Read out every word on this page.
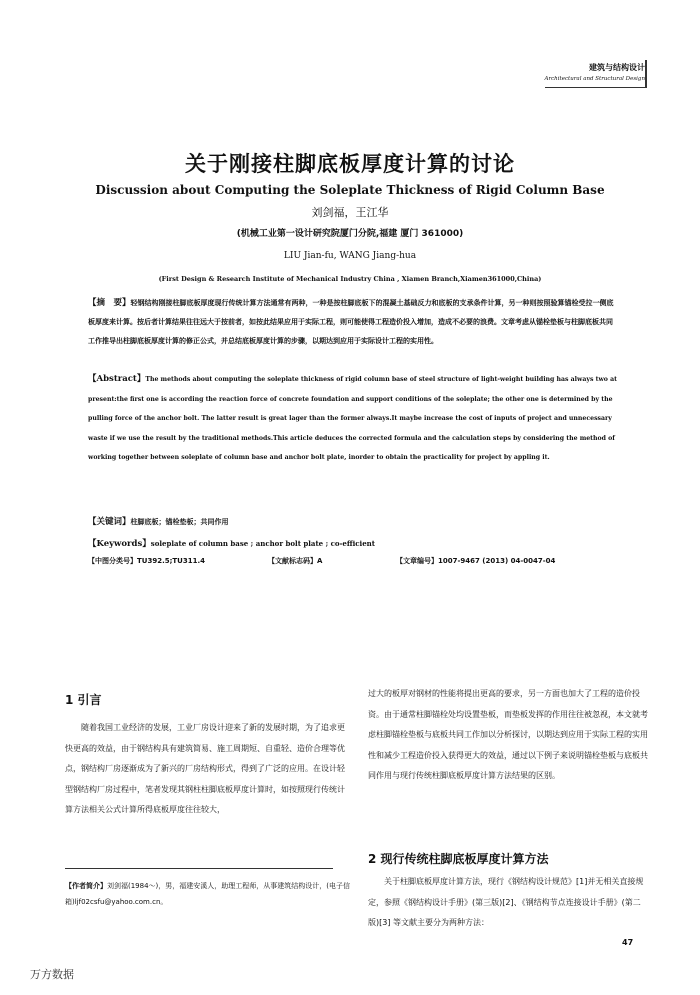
建筑与结构设计
Architectural and Structural Design
关于刚接柱脚底板厚度计算的讨论
Discussion about Computing the Soleplate Thickness of Rigid Column Base
刘剑福，王江华
(机械工业第一设计研究院厦门分院,福建 厦门 361000)
LIU Jian-fu, WANG Jiang-hua
(First Design & Research Institute of Mechanical Industry China , Xiamen Branch,Xiamen361000,China)
【摘　要】轻钢结构刚接柱脚底板厚度现行传统计算方法通常有两种，一种是按柱脚底板下的混凝土基础反力和底板的支承条件计算，另一种则按照验算锚栓受拉一侧底板厚度来计算。按后者计算结果往往远大于按前者，如按此结果应用于实际工程，则可能使得工程造价投入增加，造成不必要的浪费。文章考虑从锚栓垫板与柱脚底板共同工作推导出柱脚底板厚度计算的修正公式，并总结底板厚度计算的步骤，以期达到应用于实际设计工程的实用性。
【Abstract】The methods about computing the soleplate thickness of rigid column base of steel structure of light-weight building has always two at present:the first one is according the reaction force of concrete foundation and support conditions of the soleplate; the other one is determined by the pulling force of the anchor bolt. The latter result is great lager than the former always.It maybe increase the cost of inputs of project and unnecessary waste if we use the result by the traditional methods.This article deduces the corrected formula and the calculation steps by considering the method of working together between soleplate of column base and anchor bolt plate, inorder to obtain the practicality for project by appling it.
【关键词】柱脚底板；锚栓垫板；共同作用
【Keywords】soleplate of column base ; anchor bolt plate ; co-efficient
【中图分类号】TU392.5;TU311.4	【文献标志码】A	【文章编号】1007-9467 (2013) 04-0047-04
1 引言

随着我国工业经济的发展，工业厂房设计迎来了新的发展时期，为了追求更快更高的效益，由于钢结构具有建筑简易、施工周期短、自重轻、造价合理等优点，钢结构厂房逐渐成为了新兴的厂房结构形式，得到了广泛的应用。在设计轻型钢结构厂房过程中，笔者发现其钢柱柱脚底板厚度计算时，如按照现行传统计算方法相关公式计算所得底板厚度往往较大，

【作者简介】刘剑福(1984～)，男，福建安溪人，助理工程师，从事建筑结构设计，(电子信箱)ljf02csfu@yahoo.com.cn。

过大的板厚对钢材的性能将提出更高的要求，另一方面也加大了工程的造价投资。由于通常柱脚锚栓处均设置垫板，而垫板发挥的作用往往被忽视，本文就考虑柱脚锚栓垫板与底板共同工作加以分析探讨，以期达到应用于实际工程的实用性和减少工程造价投入获得更大的效益，通过以下例子来说明锚栓垫板与底板共同作用与现行传统柱脚底板厚度计算方法结果的区别。

2 现行传统柱脚底板厚度计算方法

关于柱脚底板厚度计算方法，现行《钢结构设计规范》[1]并无相关直接规定，参照《钢结构设计手册》(第三版)[2]、《钢结构节点连接设计手册》(第二版)[3] 等文献主要分为两种方法：

47
万方数据
